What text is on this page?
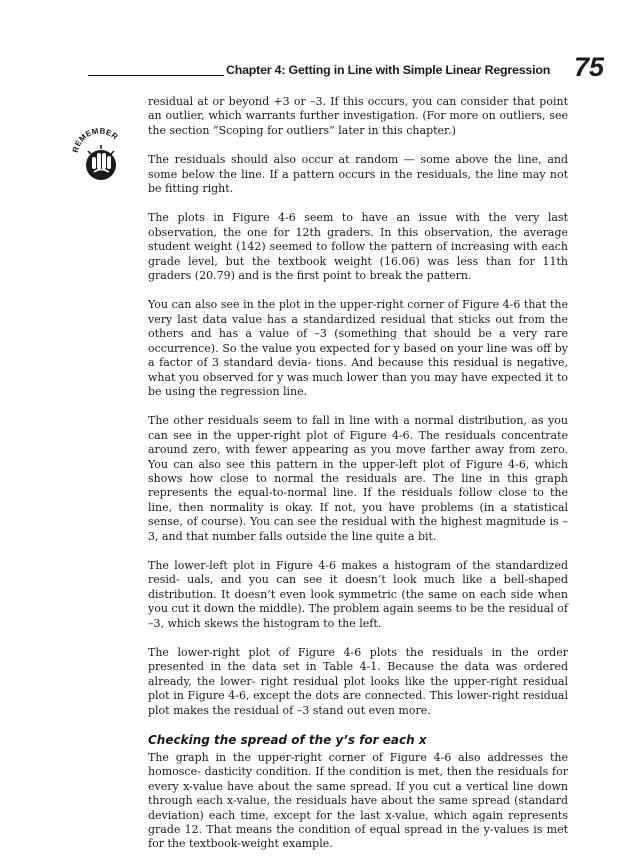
Chapter 4: Getting in Line with Simple Linear Regression 75
REMEMBER

residual at or beyond +3 or –3. If this occurs, you can consider that point an outlier, which warrants further investigation. (For more on outliers, see the section “Scoping for outliers” later in this chapter.)

The residuals should also occur at random — some above the line, and some below the line. If a pattern occurs in the residuals, the line may not be fitting right.

The plots in Figure 4-6 seem to have an issue with the very last observation, the one for 12th graders. In this observation, the average student weight (142) seemed to follow the pattern of increasing with each grade level, but the textbook weight (16.06) was less than for 11th graders (20.79) and is the first point to break the pattern.

You can also see in the plot in the upper-right corner of Figure 4-6 that the very last data value has a standardized residual that sticks out from the others and has a value of –3 (something that should be a very rare occurrence). So the value you expected for y based on your line was off by a factor of 3 standard devia- tions. And because this residual is negative, what you observed for y was much lower than you may have expected it to be using the regression line.

The other residuals seem to fall in line with a normal distribution, as you can see in the upper-right plot of Figure 4-6. The residuals concentrate around zero, with fewer appearing as you move farther away from zero. You can also see this pattern in the upper-left plot of Figure 4-6, which shows how close to normal the residuals are. The line in this graph represents the equal-to-normal line. If the residuals follow close to the line, then normality is okay. If not, you have problems (in a statistical sense, of course). You can see the residual with the highest magnitude is –3, and that number falls outside the line quite a bit.

The lower-left plot in Figure 4-6 makes a histogram of the standardized resid- uals, and you can see it doesn’t look much like a bell-shaped distribution. It doesn’t even look symmetric (the same on each side when you cut it down the middle). The problem again seems to be the residual of –3, which skews the histogram to the left.

The lower-right plot of Figure 4-6 plots the residuals in the order presented in the data set in Table 4-1. Because the data was ordered already, the lower- right residual plot looks like the upper-right residual plot in Figure 4-6, except the dots are connected. This lower-right residual plot makes the residual of –3 stand out even more.

Checking the spread of the y’s for each x

The graph in the upper-right corner of Figure 4-6 also addresses the homosce- dasticity condition. If the condition is met, then the residuals for every x-value have about the same spread. If you cut a vertical line down through each x-value, the residuals have about the same spread (standard deviation) each time, except for the last x-value, which again represents grade 12. That means the condition of equal spread in the y-values is met for the textbook-weight example.
